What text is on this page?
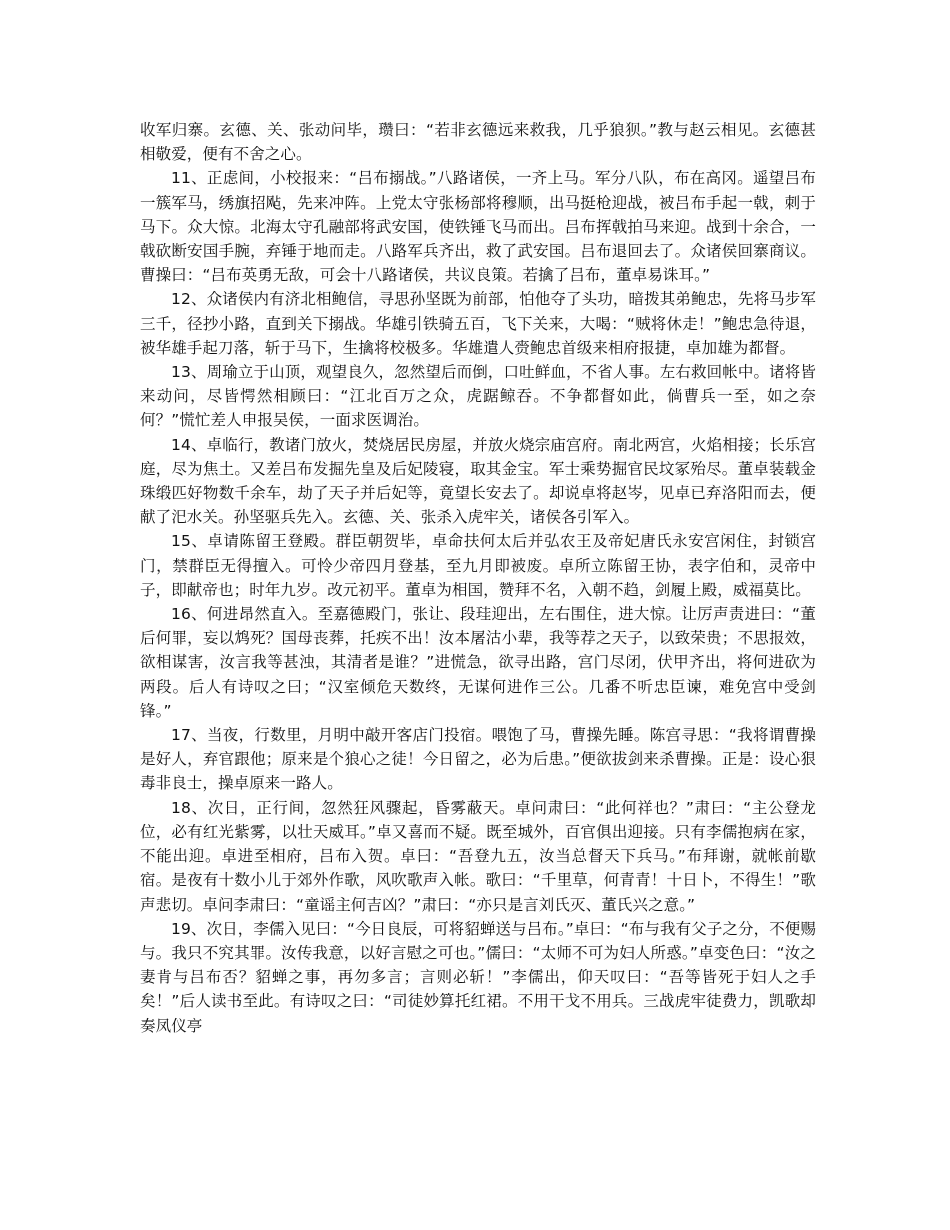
收军归寨。玄德、关、张动问毕，瓒曰：“若非玄德远来救我，几乎狼狈。”教与赵云相见。玄德甚相敬爱，便有不舍之心。

11、正虑间，小校报来：“吕布搦战。”八路诸侯，一齐上马。军分八队，布在高冈。遥望吕布一簇军马，绣旗招飐，先来冲阵。上党太守张杨部将穆顺，出马挺枪迎战，被吕布手起一戟，刺于马下。众大惊。北海太守孔融部将武安国，使铁锤飞马而出。吕布挥戟拍马来迎。战到十余合，一戟砍断安国手腕，弃锤于地而走。八路军兵齐出，救了武安国。吕布退回去了。众诸侯回寨商议。曹操曰：“吕布英勇无敌，可会十八路诸侯，共议良策。若擒了吕布，董卓易诛耳。”

12、众诸侯内有济北相鲍信，寻思孙坚既为前部，怕他夺了头功，暗拨其弟鲍忠，先将马步军三千，径抄小路，直到关下搦战。华雄引铁骑五百，飞下关来，大喝：“贼将休走！”鲍忠急待退，被华雄手起刀落，斩于马下，生擒将校极多。华雄遣人赍鲍忠首级来相府报捷，卓加雄为都督。

13、周瑜立于山顶，观望良久，忽然望后而倒，口吐鲜血，不省人事。左右救回帐中。诸将皆来动问，尽皆愕然相顾曰：“江北百万之众，虎踞鲸吞。不争都督如此，倘曹兵一至，如之奈何？”慌忙差人申报吴侯，一面求医调治。

14、卓临行，教诸门放火，焚烧居民房屋，并放火烧宗庙宫府。南北两宫，火焰相接；长乐宫庭，尽为焦土。又差吕布发掘先皇及后妃陵寝，取其金宝。军士乘势掘官民坟冢殆尽。董卓装载金珠缎匹好物数千余车，劫了天子并后妃等，竟望长安去了。却说卓将赵岑，见卓已弃洛阳而去，便献了汜水关。孙坚驱兵先入。玄德、关、张杀入虎牢关，诸侯各引军入。

15、卓请陈留王登殿。群臣朝贺毕，卓命扶何太后并弘农王及帝妃唐氏永安宫闲住，封锁宫门，禁群臣无得擅入。可怜少帝四月登基，至九月即被废。卓所立陈留王协，表字伯和，灵帝中子，即献帝也；时年九岁。改元初平。董卓为相国，赞拜不名，入朝不趋，剑履上殿，威福莫比。

16、何进昂然直入。至嘉德殿门，张让、段珪迎出，左右围住，进大惊。让厉声责进曰：“董后何罪，妄以鸩死？国母丧葬，托疾不出！汝本屠沽小辈，我等荐之天子，以致荣贵；不思报效，欲相谋害，汝言我等甚浊，其清者是谁？”进慌急，欲寻出路，宫门尽闭，伏甲齐出，将何进砍为两段。后人有诗叹之曰；“汉室倾危天数终，无谋何进作三公。几番不听忠臣谏，难免宫中受剑锋。”

17、当夜，行数里，月明中敲开客店门投宿。喂饱了马，曹操先睡。陈宫寻思：“我将谓曹操是好人，弃官跟他；原来是个狼心之徒！今日留之，必为后患。”便欲拔剑来杀曹操。正是：设心狠毒非良士，操卓原来一路人。

18、次日，正行间，忽然狂风骤起，昏雾蔽天。卓问肃曰：“此何祥也？”肃曰：“主公登龙位，必有红光紫雾，以壮天威耳。”卓又喜而不疑。既至城外，百官俱出迎接。只有李儒抱病在家，不能出迎。卓进至相府，吕布入贺。卓曰：“吾登九五，汝当总督天下兵马。”布拜谢，就帐前歇宿。是夜有十数小儿于郊外作歌，风吹歌声入帐。歌曰：“千里草，何青青！十日卜，不得生！”歌声悲切。卓问李肃曰：“童谣主何吉凶？”肃曰：“亦只是言刘氏灭、董氏兴之意。”

19、次日，李儒入见曰：“今日良辰，可将貂蝉送与吕布。”卓曰：“布与我有父子之分，不便赐与。我只不究其罪。汝传我意，以好言慰之可也。”儒曰：“太师不可为妇人所惑。”卓变色曰：“汝之妻肯与吕布否？貂蝉之事，再勿多言；言则必斩！”李儒出，仰天叹曰：“吾等皆死于妇人之手矣！”后人读书至此。有诗叹之曰：“司徒妙算托红裙。不用干戈不用兵。三战虎牢徒费力，凯歌却奏凤仪亭
